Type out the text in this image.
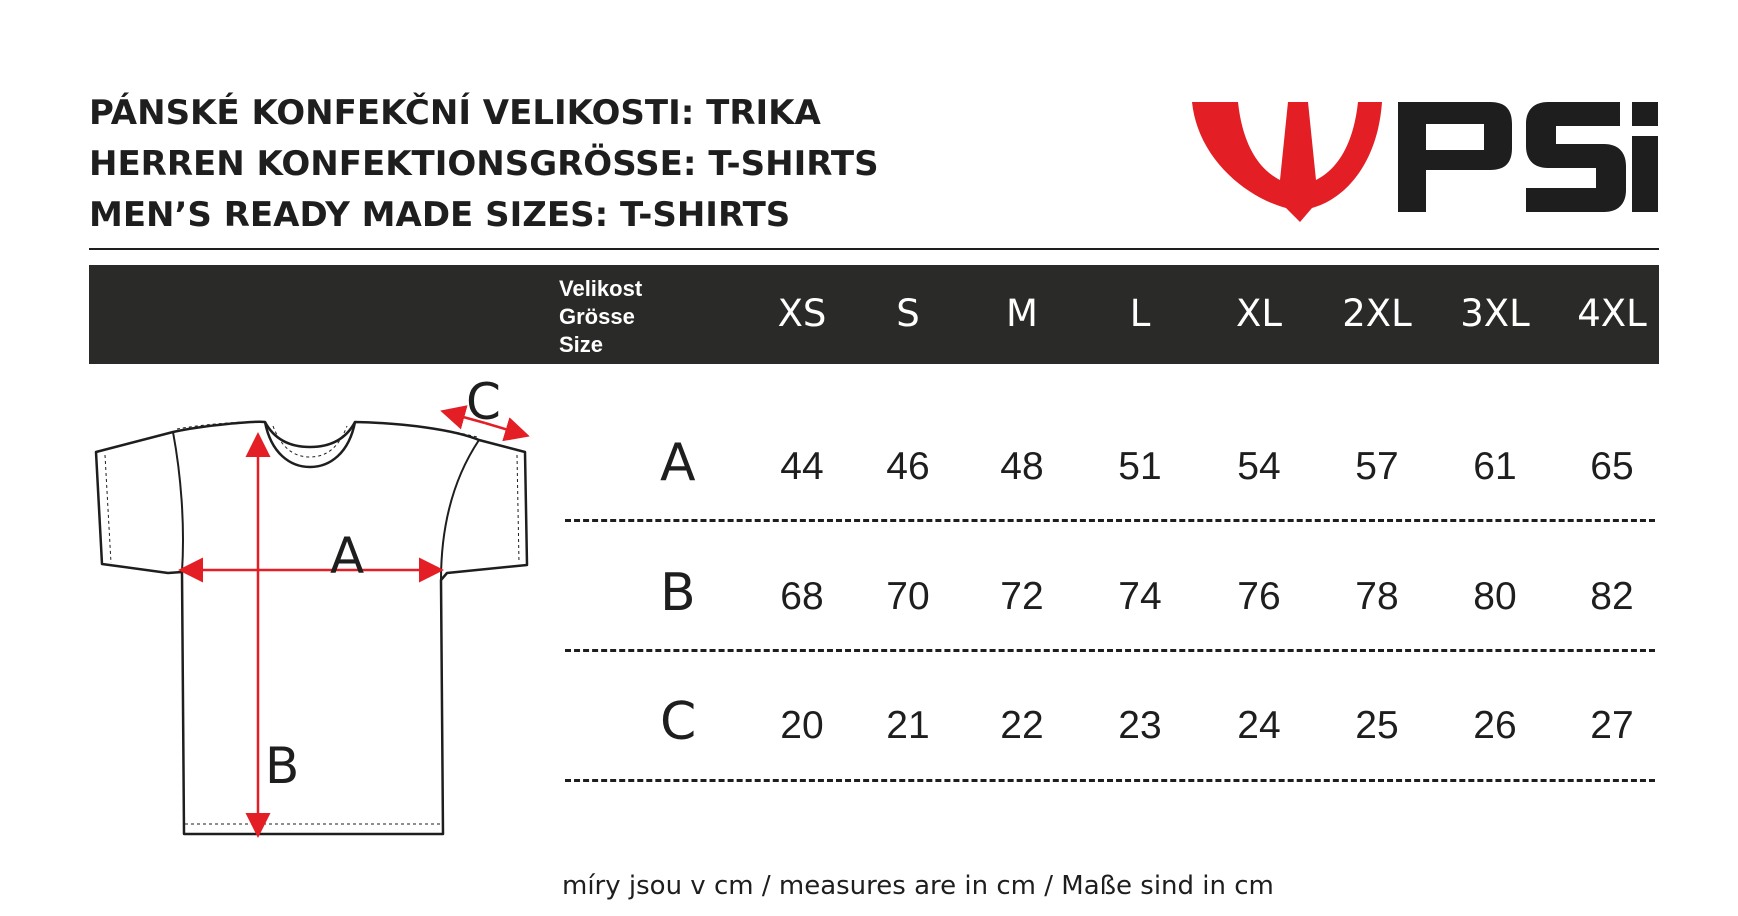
PÁNSKÉ KONFEKČNÍ VELIKOSTI: TRIKA
HERREN KONFEKTIONSGRÖSSE: T-SHIRTS
MEN’S READY MADE SIZES: T-SHIRTS
Velikost
Grösse
Size
XS	S	M	L	XL	2XL	3XL	4XL
A	44	46	48	51	54	57	61	65
B	68	70	72	74	76	78	80	82
C	20	21	22	23	24	25	26	27
A
B
C
míry jsou v cm / measures are in cm / Maße sind in cm
